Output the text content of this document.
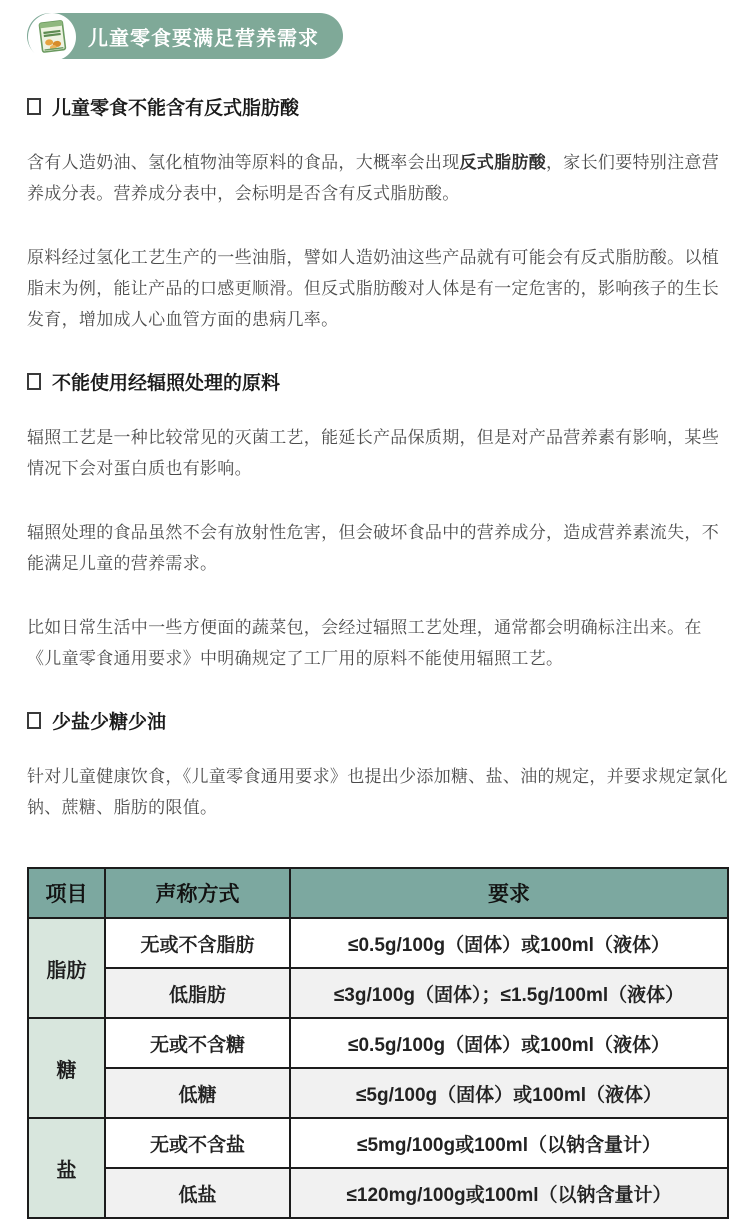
儿童零食要满足营养需求
儿童零食不能含有反式脂肪酸

含有人造奶油、氢化植物油等原料的食品，大概率会出现反式脂肪酸，家长们要特别注意营养成分表。营养成分表中，会标明是否含有反式脂肪酸。

原料经过氢化工艺生产的一些油脂，譬如人造奶油这些产品就有可能会有反式脂肪酸。以植脂末为例，能让产品的口感更顺滑。但反式脂肪酸对人体是有一定危害的，影响孩子的生长发育，增加成人心血管方面的患病几率。

不能使用经辐照处理的原料

辐照工艺是一种比较常见的灭菌工艺，能延长产品保质期，但是对产品营养素有影响，某些情况下会对蛋白质也有影响。

辐照处理的食品虽然不会有放射性危害，但会破坏食品中的营养成分，造成营养素流失，不能满足儿童的营养需求。

比如日常生活中一些方便面的蔬菜包，会经过辐照工艺处理，通常都会明确标注出来。在《儿童零食通用要求》中明确规定了工厂用的原料不能使用辐照工艺。

少盐少糖少油

针对儿童健康饮食，《儿童零食通用要求》也提出少添加糖、盐、油的规定，并要求规定氯化钠、蔗糖、脂肪的限值。

项目	声称方式	要求
脂肪	无或不含脂肪	≤0.5g/100g（固体）或100ml（液体）
	低脂肪	≤3g/100g（固体）；≤1.5g/100ml（液体）
糖	无或不含糖	≤0.5g/100g（固体）或100ml（液体）
	低糖	≤5g/100g（固体）或100ml（液体）
盐	无或不含盐	≤5mg/100g或100ml（以钠含量计）
	低盐	≤120mg/100g或100ml（以钠含量计）
